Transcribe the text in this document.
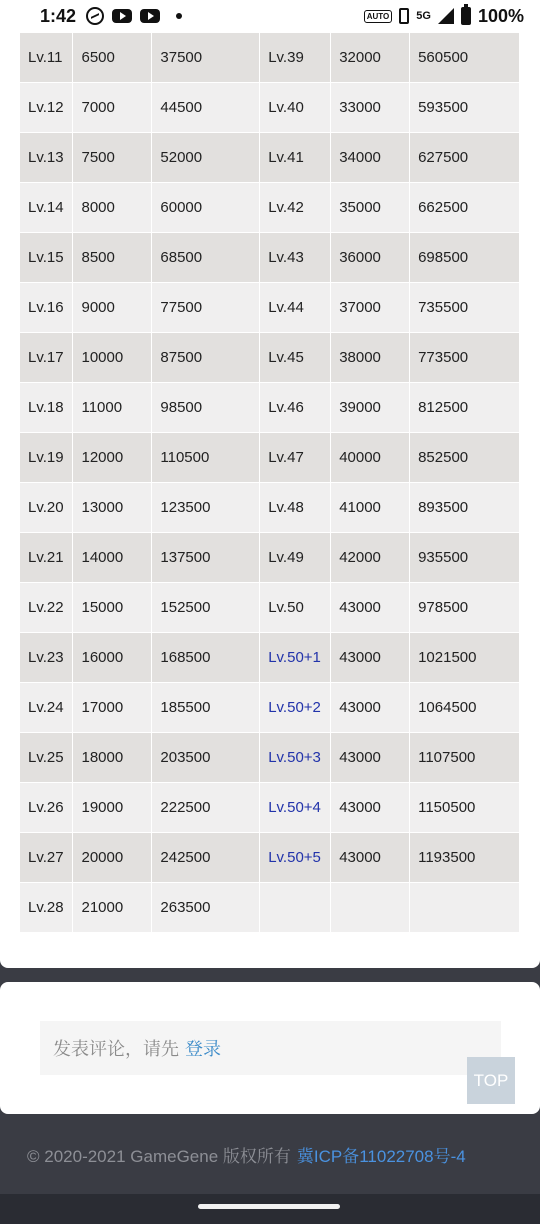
1:42	AUTO 5G	100%

Lv.11	6500	37500	Lv.39	32000	560500
Lv.12	7000	44500	Lv.40	33000	593500
Lv.13	7500	52000	Lv.41	34000	627500
Lv.14	8000	60000	Lv.42	35000	662500
Lv.15	8500	68500	Lv.43	36000	698500
Lv.16	9000	77500	Lv.44	37000	735500
Lv.17	10000	87500	Lv.45	38000	773500
Lv.18	11000	98500	Lv.46	39000	812500
Lv.19	12000	110500	Lv.47	40000	852500
Lv.20	13000	123500	Lv.48	41000	893500
Lv.21	14000	137500	Lv.49	42000	935500
Lv.22	15000	152500	Lv.50	43000	978500
Lv.23	16000	168500	Lv.50+1	43000	1021500
Lv.24	17000	185500	Lv.50+2	43000	1064500
Lv.25	18000	203500	Lv.50+3	43000	1107500
Lv.26	19000	222500	Lv.50+4	43000	1150500
Lv.27	20000	242500	Lv.50+5	43000	1193500
Lv.28	21000	263500			
发表评论，请先 登录
TOP
© 2020-2021 GameGene 版权所有 冀ICP备11022708号-4
